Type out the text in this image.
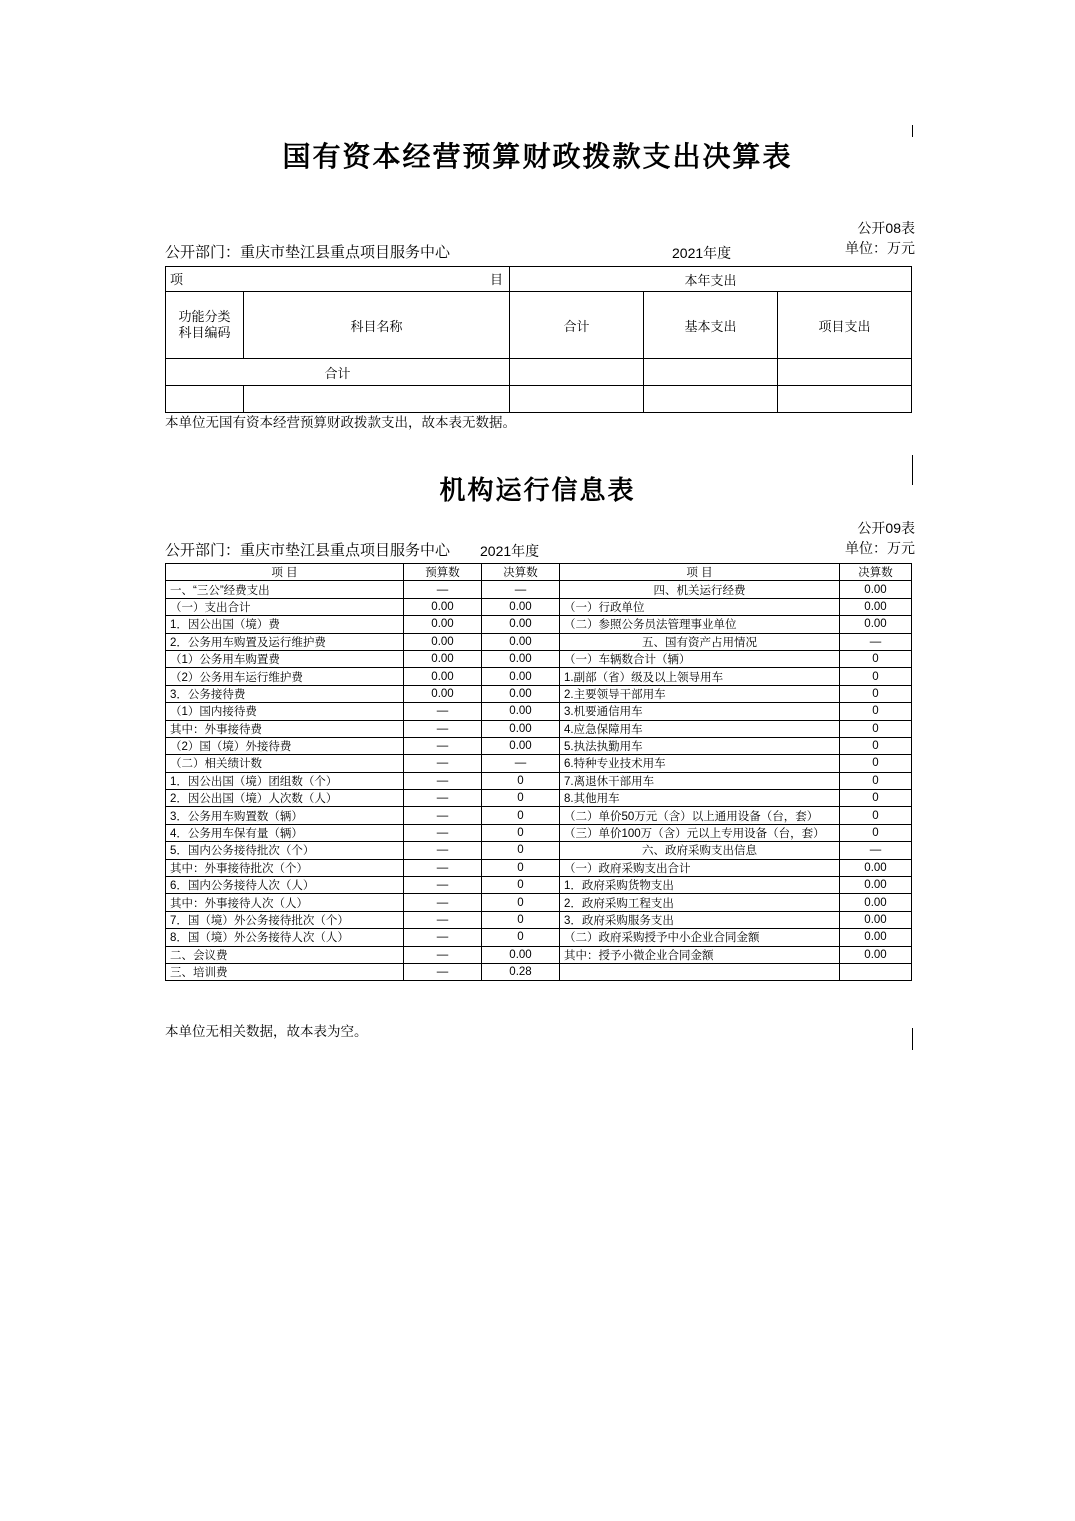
国有资本经营预算财政拨款支出决算表
公开08表
单位：万元
公开部门：重庆市垫江县重点项目服务中心	2021年度
项 目		本年支出		

功能分类
科目编码	科目名称	合计	基本支出	项目支出
合计				

本单位无国有资本经营预算财政拨款支出，故本表无数据。
机构运行信息表
公开09表
单位：万元
公开部门：重庆市垫江县重点项目服务中心 2021年度
项 目	预算数	决算数	项 目	决算数
一、“三公”经费支出	—	—	四、机关运行经费	0.00
（一）支出合计	0.00	0.00	（一）行政单位	0.00
1．因公出国（境）费	0.00	0.00	（二）参照公务员法管理事业单位	0.00
2．公务用车购置及运行维护费	0.00	0.00	五、国有资产占用情况	—
（1）公务用车购置费	0.00	0.00	（一）车辆数合计（辆）	0
（2）公务用车运行维护费	0.00	0.00	1.副部（省）级及以上领导用车	0
3．公务接待费	0.00	0.00	2.主要领导干部用车	0
（1）国内接待费	—	0.00	3.机要通信用车	0
其中：外事接待费	—	0.00	4.应急保障用车	0
（2）国（境）外接待费	—	0.00	5.执法执勤用车	0
（二）相关绩计数	—	—	6.特种专业技术用车	0
1．因公出国（境）团组数（个）	—	0	7.离退休干部用车	0
2．因公出国（境）人次数（人）	—	0	8.其他用车	0
3．公务用车购置数（辆）	—	0	（二）单价50万元（含）以上通用设备（台，套）	0
4．公务用车保有量（辆）	—	0	（三）单价100万（含）元以上专用设备（台，套）	0
5．国内公务接待批次（个）	—	0	六、政府采购支出信息	—
其中：外事接待批次（个）	—	0	（一）政府采购支出合计	0.00
6．国内公务接待人次（人）	—	0	1．政府采购货物支出	0.00
其中：外事接待人次（人）	—	0	2．政府采购工程支出	0.00
7．国（境）外公务接待批次（个）	—	0	3．政府采购服务支出	0.00
8．国（境）外公务接待人次（人）	—	0	（二）政府采购授予中小企业合同金额	0.00
二、会议费	—	0.00	其中：授予小微企业合同金额	0.00
三、培训费	—	0.28		
本单位无相关数据，故本表为空。
